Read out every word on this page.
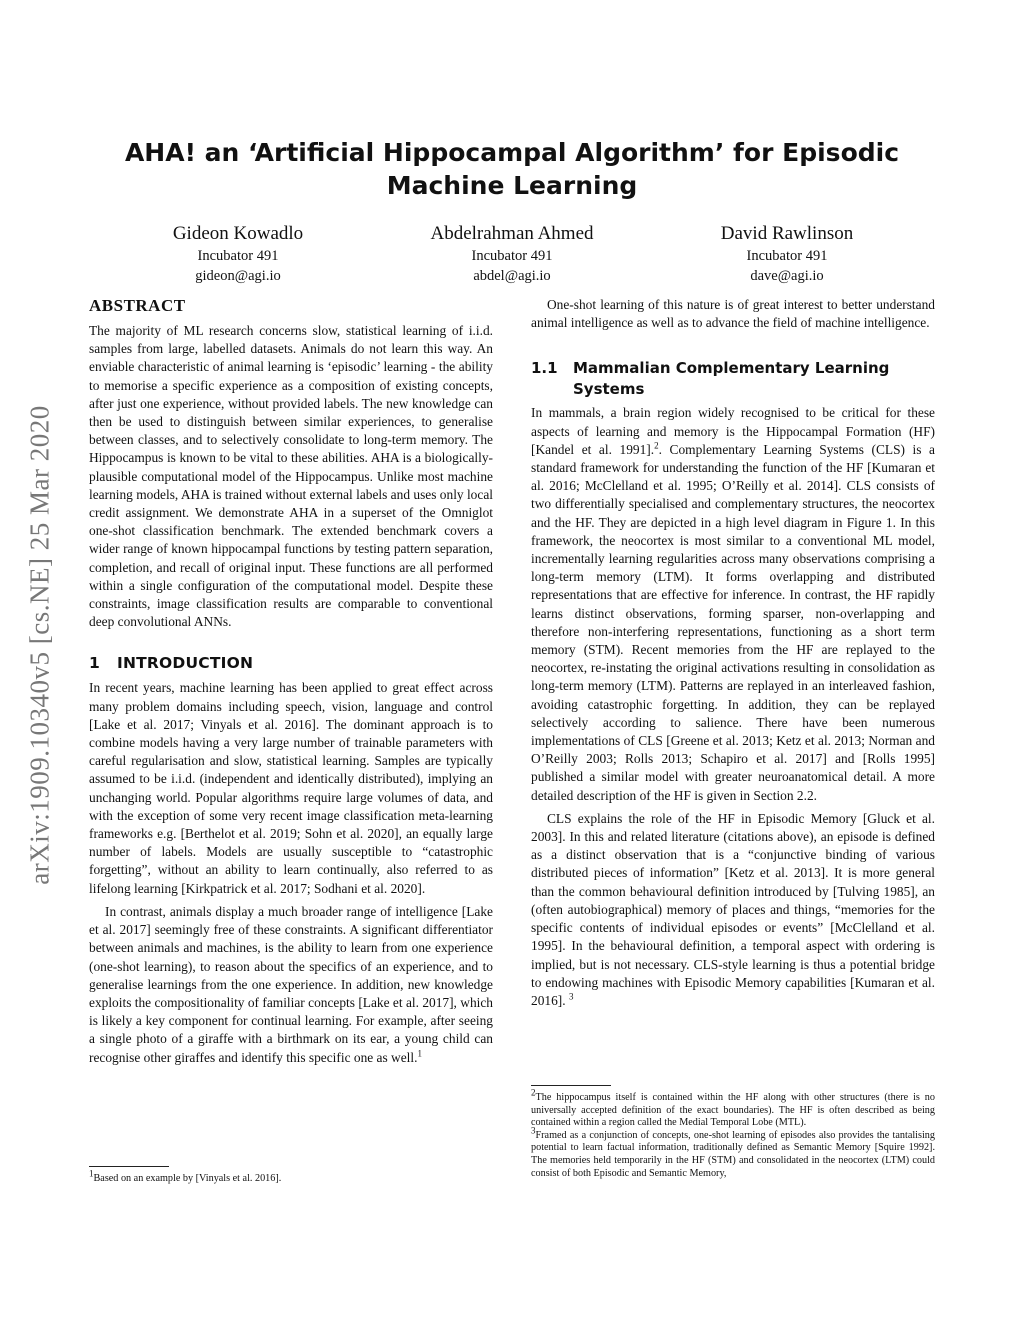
arXiv:1909.10340v5 [cs.NE] 25 Mar 2020
AHA! an ‘Artificial Hippocampal Algorithm’ for Episodic
Machine Learning
Gideon Kowadlo
Incubator 491
gideon@agi.io
Abdelrahman Ahmed
Incubator 491
abdel@agi.io
David Rawlinson
Incubator 491
dave@agi.io
ABSTRACT

The majority of ML research concerns slow, statistical learning of i.i.d. samples from large, labelled datasets. Animals do not learn this way. An enviable characteristic of animal learning is ‘episodic’ learning - the ability to memorise a specific experience as a composition of existing concepts, after just one experience, without provided labels. The new knowledge can then be used to distinguish between similar experiences, to generalise between classes, and to selectively consolidate to long-term memory. The Hippocampus is known to be vital to these abilities. AHA is a biologically-plausible computational model of the Hippocampus. Unlike most machine learning models, AHA is trained without external labels and uses only local credit assignment. We demonstrate AHA in a superset of the Omniglot one-shot classification benchmark. The extended benchmark covers a wider range of known hippocampal functions by testing pattern separation, completion, and recall of original input. These functions are all performed within a single configuration of the computational model. Despite these constraints, image classification results are comparable to conventional deep convolutional ANNs.

1 INTRODUCTION

In recent years, machine learning has been applied to great effect across many problem domains including speech, vision, language and control [Lake et al. 2017; Vinyals et al. 2016]. The dominant approach is to combine models having a very large number of trainable parameters with careful regularisation and slow, statistical learning. Samples are typically assumed to be i.i.d. (independent and identically distributed), implying an unchanging world. Popular algorithms require large volumes of data, and with the exception of some very recent image classification meta-learning frameworks e.g. [Berthelot et al. 2019; Sohn et al. 2020], an equally large number of labels. Models are usually susceptible to “catastrophic forgetting”, without an ability to learn continually, also referred to as lifelong learning [Kirkpatrick et al. 2017; Sodhani et al. 2020].

In contrast, animals display a much broader range of intelligence [Lake et al. 2017] seemingly free of these constraints. A significant differentiator between animals and machines, is the ability to learn from one experience (one-shot learning), to reason about the specifics of an experience, and to generalise learnings from the one experience. In addition, new knowledge exploits the compositionality of familiar concepts [Lake et al. 2017], which is likely a key component for continual learning. For example, after seeing a single photo of a giraffe with a birthmark on its ear, a young child can recognise other giraffes and identify this specific one as well.$^1$

One-shot learning of this nature is of great interest to better understand animal intelligence as well as to advance the field of machine intelligence.

1.1	Mammalian Complementary Learning Systems

In mammals, a brain region widely recognised to be critical for these aspects of learning and memory is the Hippocampal Formation (HF) [Kandel et al. 1991].$^2$. Complementary Learning Systems (CLS) is a standard framework for understanding the function of the HF [Kumaran et al. 2016; McClelland et al. 1995; O’Reilly et al. 2014]. CLS consists of two differentially specialised and complementary structures, the neocortex and the HF. They are depicted in a high level diagram in Figure 1. In this framework, the neocortex is most similar to a conventional ML model, incrementally learning regularities across many observations comprising a long-term memory (LTM). It forms overlapping and distributed representations that are effective for inference. In contrast, the HF rapidly learns distinct observations, forming sparser, non-overlapping and therefore non-interfering representations, functioning as a short term memory (STM). Recent memories from the HF are replayed to the neocortex, re-instating the original activations resulting in consolidation as long-term memory (LTM). Patterns are replayed in an interleaved fashion, avoiding catastrophic forgetting. In addition, they can be replayed selectively according to salience. There have been numerous implementations of CLS [Greene et al. 2013; Ketz et al. 2013; Norman and O’Reilly 2003; Rolls 2013; Schapiro et al. 2017] and [Rolls 1995] published a similar model with greater neuroanatomical detail. A more detailed description of the HF is given in Section 2.2.

CLS explains the role of the HF in Episodic Memory [Gluck et al. 2003]. In this and related literature (citations above), an episode is defined as a distinct observation that is a “conjunctive binding of various distributed pieces of information” [Ketz et al. 2013]. It is more general than the common behavioural definition introduced by [Tulving 1985], an (often autobiographical) memory of places and things, “memories for the specific contents of individual episodes or events” [McClelland et al. 1995]. In the behavioural definition, a temporal aspect with ordering is implied, but is not necessary. CLS-style learning is thus a potential bridge to endowing machines with Episodic Memory capabilities [Kumaran et al. 2016]. $^3$

$^1$Based on an example by [Vinyals et al. 2016].

$^2$The hippocampus itself is contained within the HF along with other structures (there is no universally accepted definition of the exact boundaries). The HF is often described as being contained within a region called the Medial Temporal Lobe (MTL).

$^3$Framed as a conjunction of concepts, one-shot learning of episodes also provides the tantalising potential to learn factual information, traditionally defined as Semantic Memory [Squire 1992]. The memories held temporarily in the HF (STM) and consolidated in the neocortex (LTM) could consist of both Episodic and Semantic Memory,
